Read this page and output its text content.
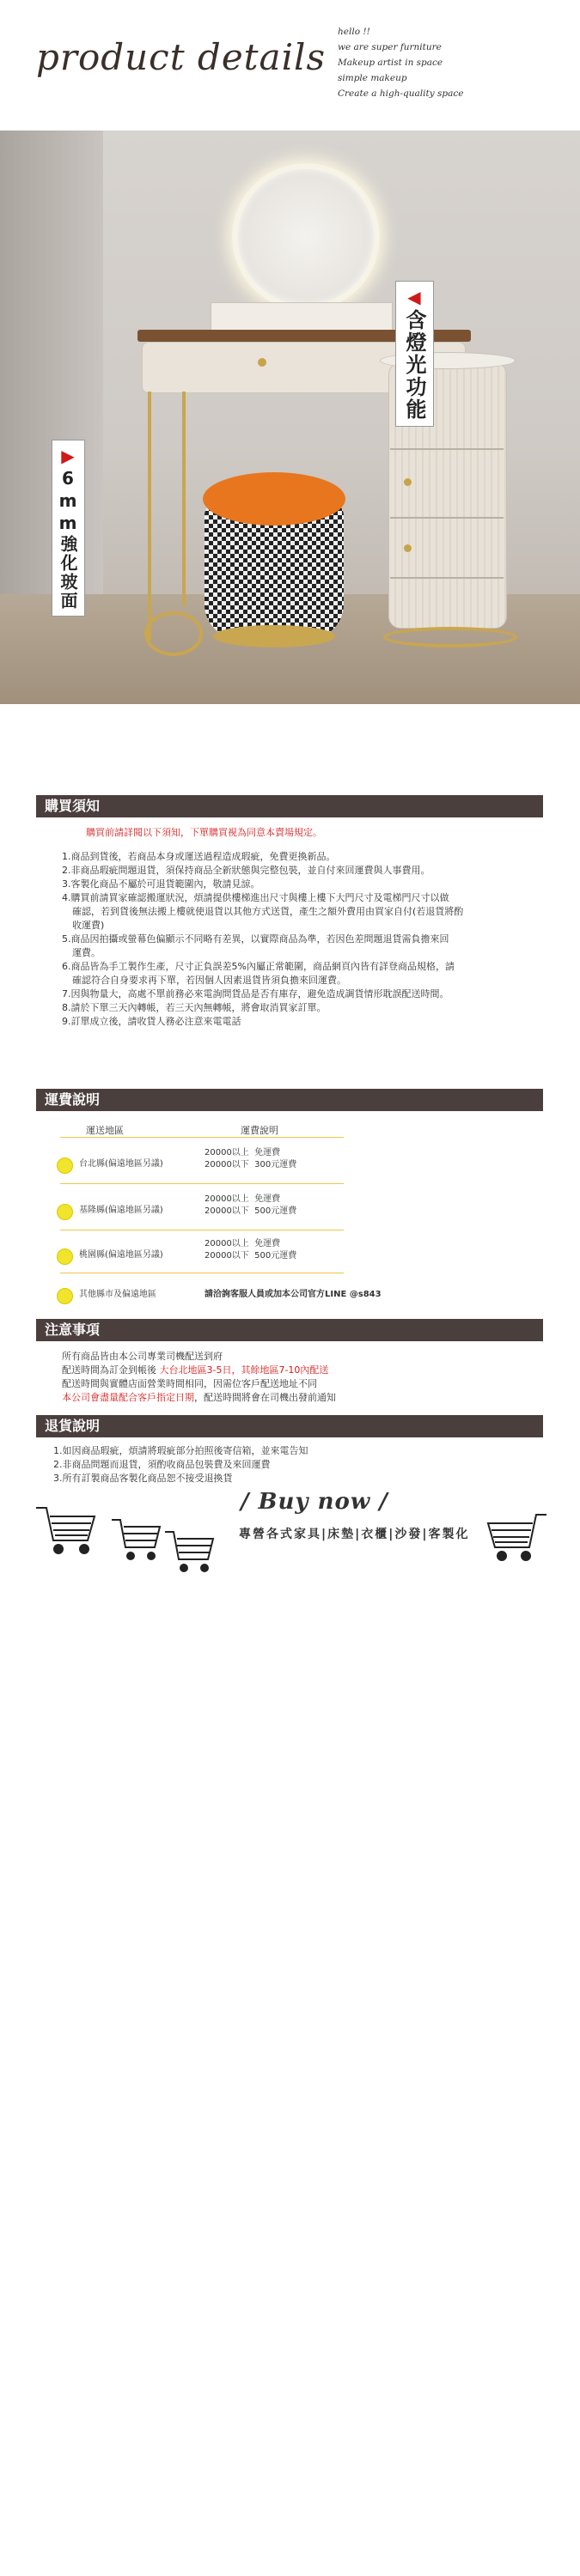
product details
hello !!
we are super furniture
Makeup artist in space
simple makeup
Create a high-quality space
◀含燈光功能
▶6mm強化玻面
購買須知
購買前請詳閱以下須知，下單購買視為同意本賣場規定。
1.商品到貨後，若商品本身或運送過程造成瑕疵，免費更換新品。
2.非商品瑕疵問題退貨，須保持商品全新狀態與完整包裝，並自付來回運費與人事費用。
3.客製化商品不屬於可退貨範圍內，敬請見諒。
4.購買前請買家確認搬運狀況，煩請提供樓梯進出尺寸與樓上樓下大門尺寸及電梯門尺寸以做
確認，若到貨後無法搬上樓就使退貨以其他方式送貨，產生之額外費用由買家自付(若退貨將酌
收運費)
5.商品因拍攝或螢幕色偏顯示不同略有差異，以實際商品為準，若因色差問題退貨需負擔來回
運費。
6.商品皆為手工製作生產，尺寸正負誤差5%內屬正常範圍，商品網頁內皆有詳登商品規格，請
確認符合自身要求再下單，若因個人因素退貨皆須負擔來回運費。
7.因與物量大，高處不單前務必來電詢問貨品是否有庫存，避免造成調貨情形耽誤配送時間。
8.請於下單三天內轉帳，若三天內無轉帳，將會取消買家訂單。
9.訂單成立後，請收貨人務必注意來電電話
運費說明
運送地區	運費說明
台北縣(偏遠地區另議)
20000以上 免運費
20000以下 300元運費
基隆縣(偏遠地區另議)
20000以上 免運費
20000以下 500元運費
桃園縣(偏遠地區另議)
20000以上 免運費
20000以下 500元運費
其他縣市及偏遠地區	請洽詢客服人員或加本公司官方LINE @s843
注意事項
所有商品皆由本公司專業司機配送到府
配送時間為訂金到帳後 大台北地區3-5日，其餘地區7-10內配送
配送時間與實體店面營業時間相同，因需位客戶配送地址不同
本公司會盡量配合客戶指定日期，配送時間將會在司機出發前通知
退貨說明
1.如因商品瑕疵，煩請將瑕疵部分拍照後寄信箱，並來電告知
2.非商品問題而退貨，須酌收商品包裝費及來回運費
3.所有訂製商品客製化商品恕不接受退換貨
/ Buy now /
專營各式家具|床墊|衣櫃|沙發|客製化
